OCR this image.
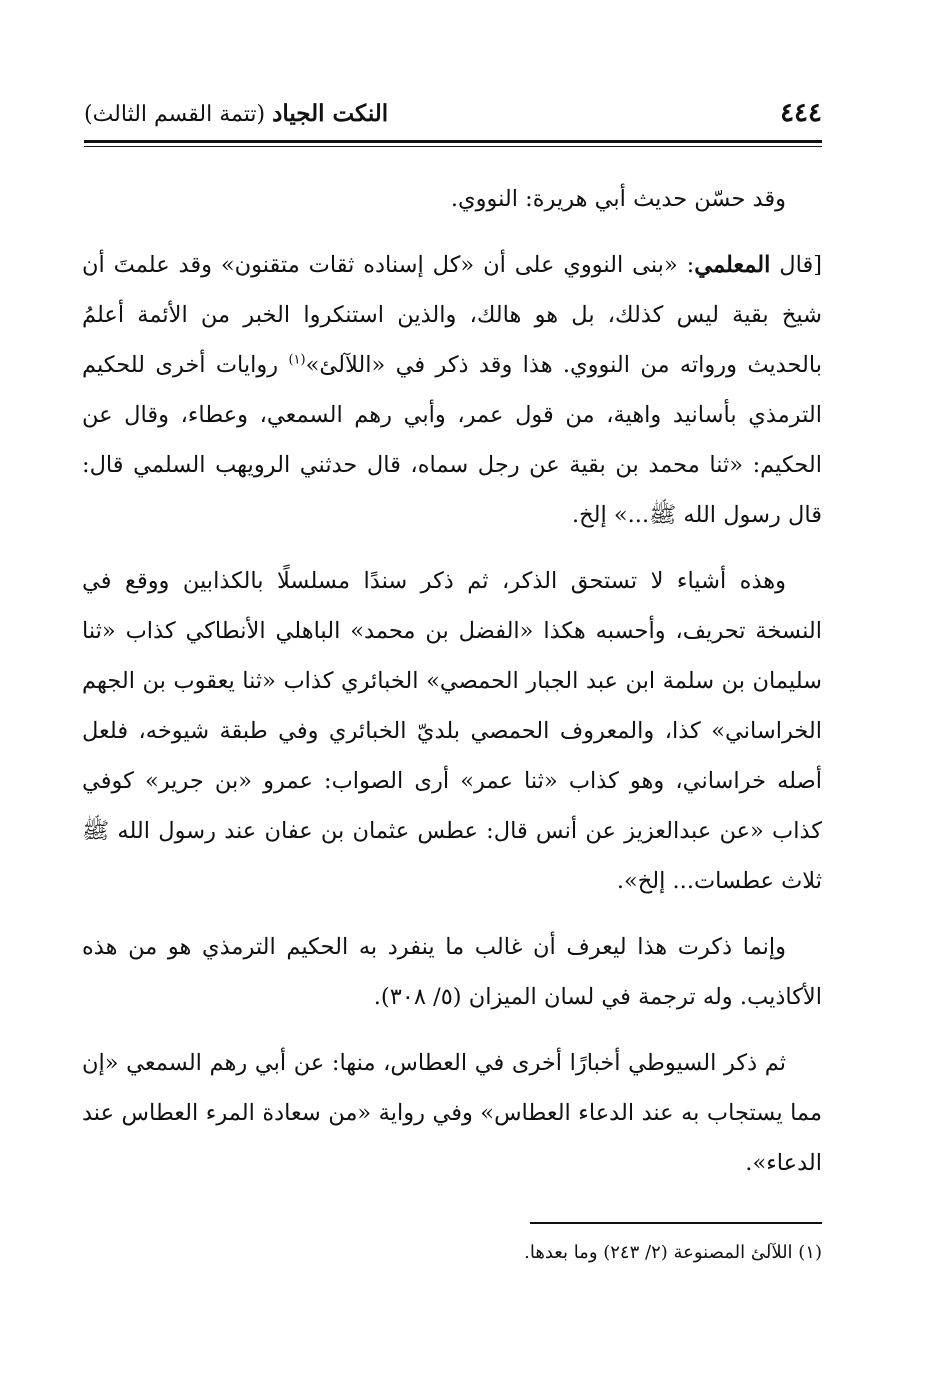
٤٤٤
النكت الجياد (تتمة القسم الثالث)

وقد حسّن حديث أبي هريرة: النووي.

[قال المعلمي: «بنى النووي على أن «كل إسناده ثقات متقنون» وقد علمتَ أن شيخ بقية ليس كذلك، بل هو هالك، والذين استنكروا الخبر من الأئمة أعلمُ بالحديث ورواته من النووي. هذا وقد ذكر في «اللآلئ»$^{(١)}$ روايات أخرى للحكيم الترمذي بأسانيد واهية، من قول عمر، وأبي رهم السمعي، وعطاء، وقال عن الحكيم: «ثنا محمد بن بقية عن رجل سماه، قال حدثني الرويهب السلمي قال: قال رسول الله ﷺ...» إلخ.

وهذه أشياء لا تستحق الذكر، ثم ذكر سندًا مسلسلًا بالكذابين ووقع في النسخة تحريف، وأحسبه هكذا «الفضل بن محمد» الباهلي الأنطاكي كذاب «ثنا سليمان بن سلمة ابن عبد الجبار الحمصي» الخبائري كذاب «ثنا يعقوب بن الجهم الخراساني» كذا، والمعروف الحمصي بلديّ الخبائري وفي طبقة شيوخه، فلعل أصله خراساني، وهو كذاب «ثنا عمر» أرى الصواب: عمرو «بن جرير» كوفي كذاب «عن عبدالعزيز عن أنس قال: عطس عثمان بن عفان عند رسول الله ﷺ ثلاث عطسات... إلخ».

وإنما ذكرت هذا ليعرف أن غالب ما ينفرد به الحكيم الترمذي هو من هذه الأكاذيب. وله ترجمة في لسان الميزان (٥/ ٣٠٨).

ثم ذكر السيوطي أخبارًا أخرى في العطاس، منها: عن أبي رهم السمعي «إن مما يستجاب به عند الدعاء العطاس» وفي رواية «من سعادة المرء العطاس عند الدعاء».

(١) اللآلئ المصنوعة (٢/ ٢٤٣) وما بعدها.
